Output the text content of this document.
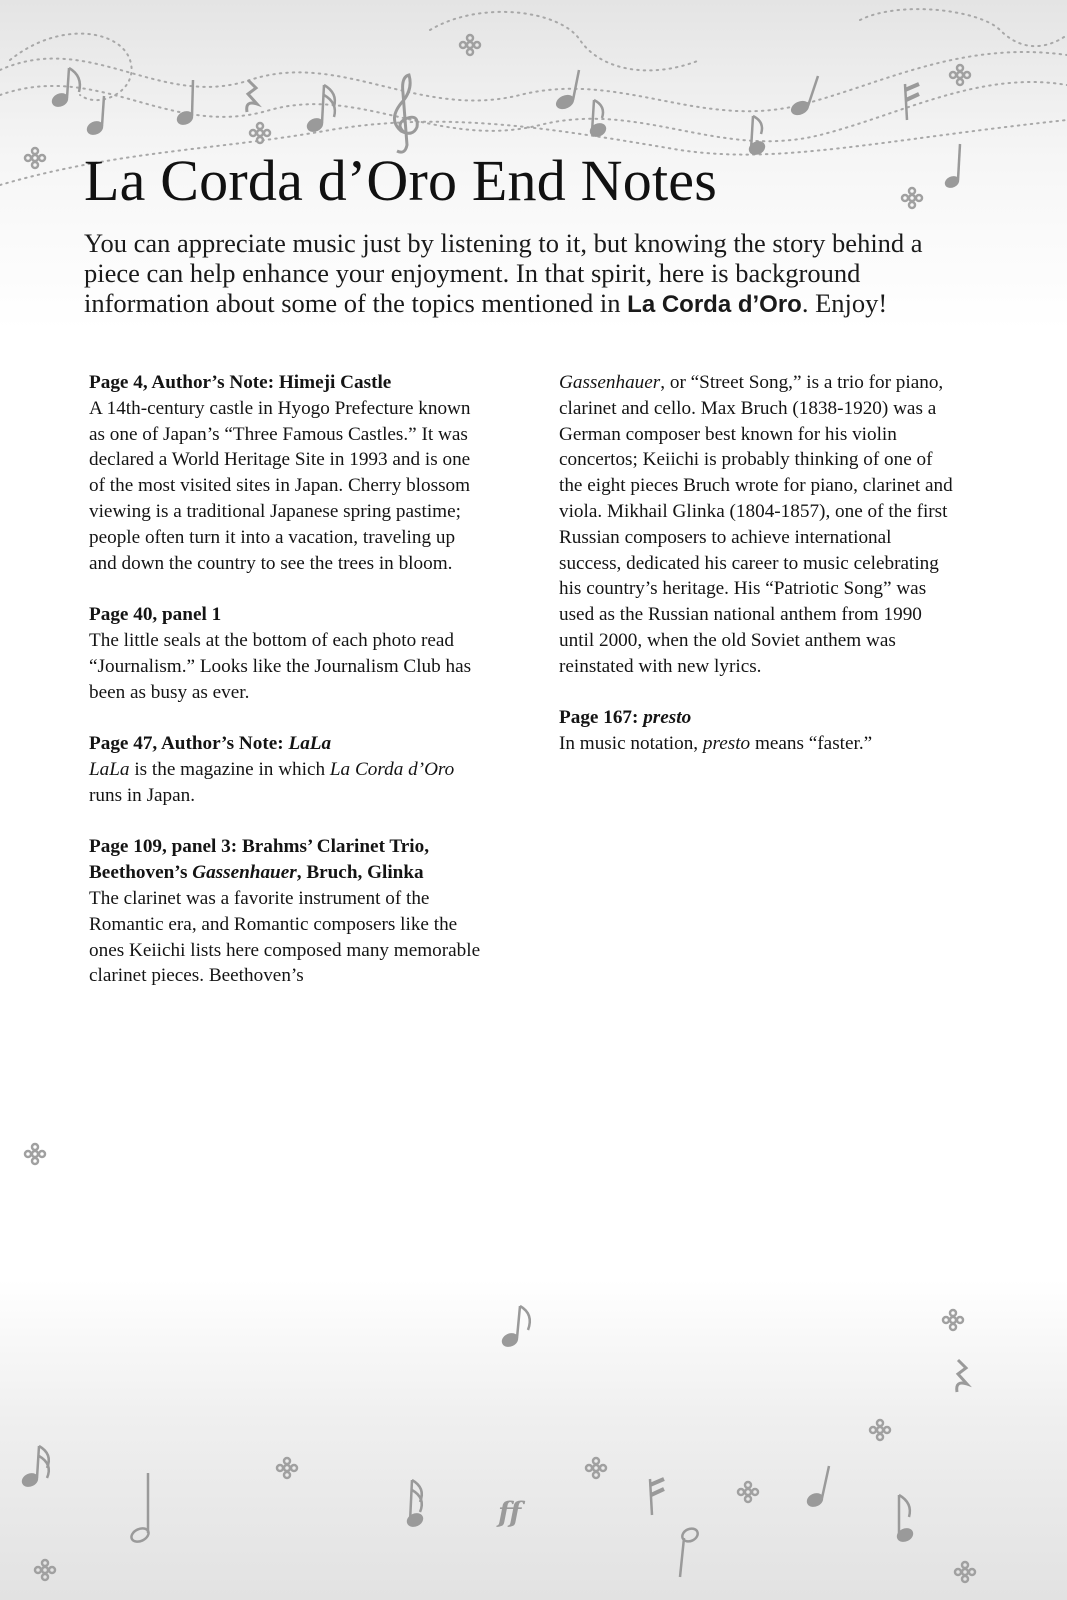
La Corda d’Oro End Notes

You can appreciate music just by listening to it, but knowing the story behind a piece can help enhance your enjoyment. In that spirit, here is background information about some of the topics mentioned in La Corda d’Oro. Enjoy!

Page 4, Author’s Note: Himeji Castle

A 14th-century castle in Hyogo Prefecture known as one of Japan’s “Three Famous Castles.” It was declared a World Heritage Site in 1993 and is one of the most visited sites in Japan. Cherry blossom viewing is a traditional Japanese spring pastime; people often turn it into a vacation, traveling up and down the country to see the trees in bloom.

Page 40, panel 1

The little seals at the bottom of each photo read “Journalism.” Looks like the Journalism Club has been as busy as ever.

Page 47, Author’s Note: LaLa

LaLa is the magazine in which La Corda d’Oro runs in Japan.

Page 109, panel 3: Brahms’ Clarinet Trio, Beethoven’s Gassenhauer, Bruch, Glinka

The clarinet was a favorite instrument of the Romantic era, and Romantic composers like the ones Keiichi lists here composed many memorable clarinet pieces. Beethoven’s

Gassenhauer, or “Street Song,” is a trio for piano, clarinet and cello. Max Bruch (1838-1920) was a German composer best known for his violin concertos; Keiichi is probably thinking of one of the eight pieces Bruch wrote for piano, clarinet and viola. Mikhail Glinka (1804-1857), one of the first Russian composers to achieve international success, dedicated his career to music celebrating his country’s heritage. His “Patriotic Song” was used as the Russian national anthem from 1990 until 2000, when the old Soviet anthem was reinstated with new lyrics.

Page 167: presto

In music notation, presto means “faster.”

ff
